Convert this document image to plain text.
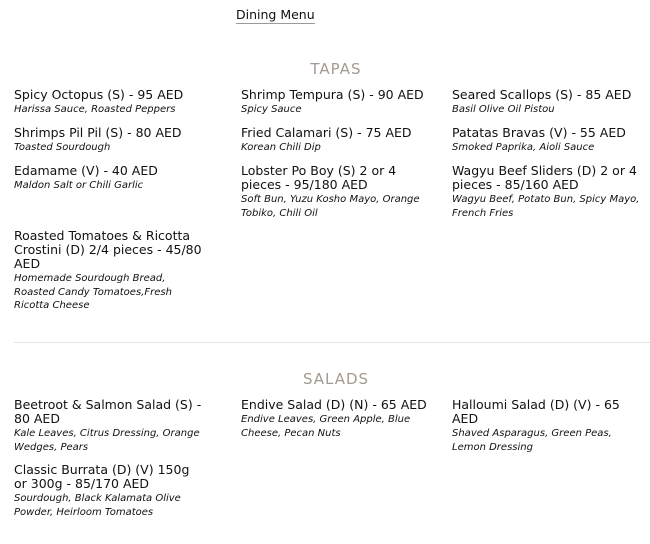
Dining Menu
TAPAS
Spicy Octopus (S) - 95 AED
Harissa Sauce, Roasted Peppers
Shrimp Tempura (S) - 90 AED
Spicy Sauce
Seared Scallops (S) - 85 AED
Basil Olive Oil Pistou
Shrimps Pil Pil (S) - 80 AED
Toasted Sourdough
Fried Calamari (S) - 75 AED
Korean Chili Dip
Patatas Bravas (V) - 55 AED
Smoked Paprika, Aioli Sauce
Edamame (V) - 40 AED
Maldon Salt or Chili Garlic
Lobster Po Boy (S) 2 or 4 pieces - 95/180 AED
Soft Bun, Yuzu Kosho Mayo, Orange Tobiko, Chili Oil
Wagyu Beef Sliders (D) 2 or 4 pieces - 85/160 AED
Wagyu Beef, Potato Bun, Spicy Mayo, French Fries
Roasted Tomatoes & Ricotta Crostini (D) 2/4 pieces - 45/80 AED
Homemade Sourdough Bread, Roasted Candy Tomatoes,Fresh Ricotta Cheese
SALADS
Beetroot & Salmon Salad (S) - 80 AED
Kale Leaves, Citrus Dressing, Orange Wedges, Pears
Endive Salad (D) (N) - 65 AED
Endive Leaves, Green Apple, Blue Cheese, Pecan Nuts
Halloumi Salad (D) (V) - 65 AED
Shaved Asparagus, Green Peas, Lemon Dressing
Classic Burrata (D) (V) 150g or 300g - 85/170 AED
Sourdough, Black Kalamata Olive Powder, Heirloom Tomatoes
